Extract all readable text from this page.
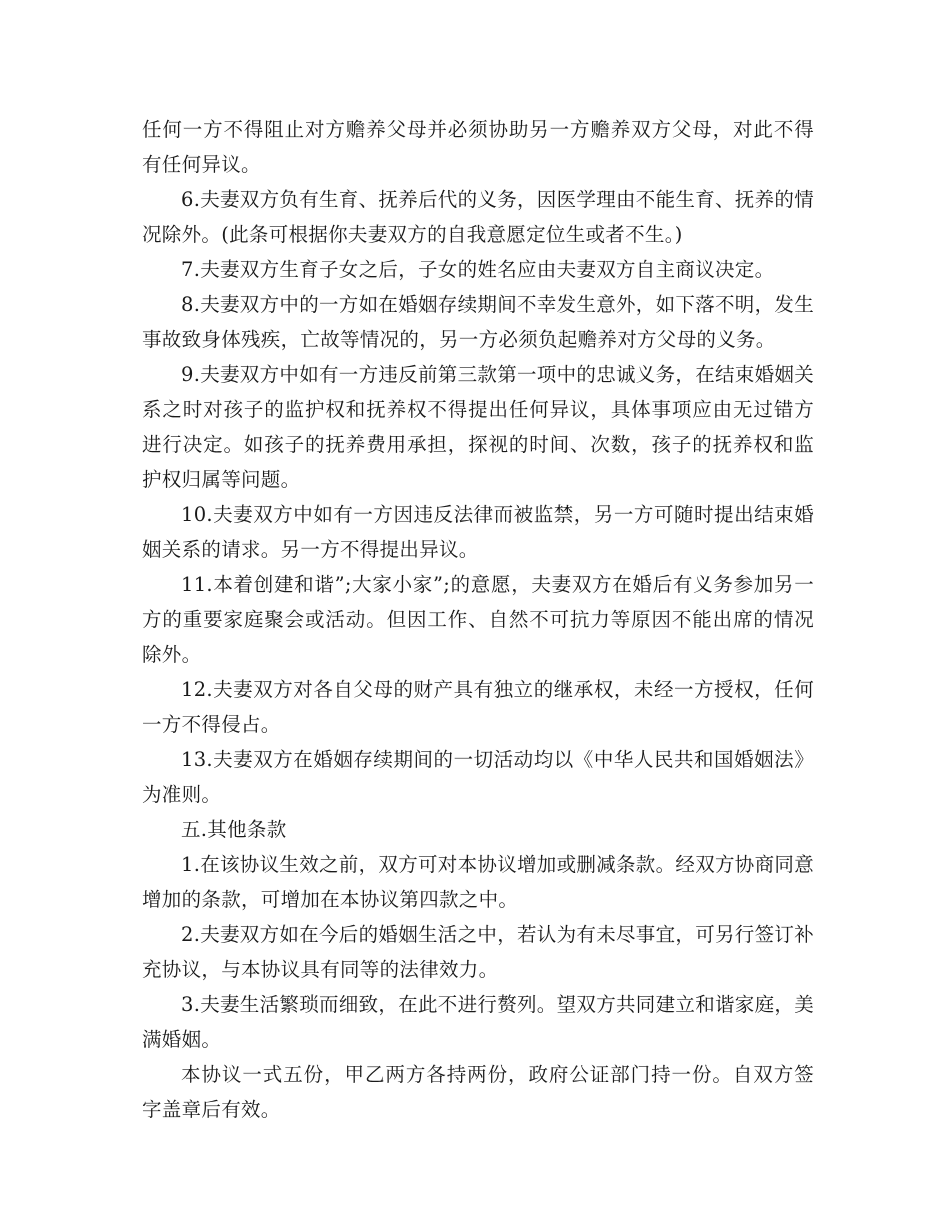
任何一方不得阻止对方赡养父母并必须协助另一方赡养双方父母，对此不得有任何异议。

6.夫妻双方负有生育、抚养后代的义务，因医学理由不能生育、抚养的情况除外。(此条可根据你夫妻双方的自我意愿定位生或者不生。)

7.夫妻双方生育子女之后，子女的姓名应由夫妻双方自主商议决定。

8.夫妻双方中的一方如在婚姻存续期间不幸发生意外，如下落不明，发生事故致身体残疾，亡故等情况的，另一方必须负起赡养对方父母的义务。

9.夫妻双方中如有一方违反前第三款第一项中的忠诚义务，在结束婚姻关系之时对孩子的监护权和抚养权不得提出任何异议，具体事项应由无过错方进行决定。如孩子的抚养费用承担，探视的时间、次数，孩子的抚养权和监护权归属等问题。

10.夫妻双方中如有一方因违反法律而被监禁，另一方可随时提出结束婚姻关系的请求。另一方不得提出异议。

11.本着创建和谐”;大家小家”;的意愿，夫妻双方在婚后有义务参加另一方的重要家庭聚会或活动。但因工作、自然不可抗力等原因不能出席的情况除外。

12.夫妻双方对各自父母的财产具有独立的继承权，未经一方授权，任何一方不得侵占。

13.夫妻双方在婚姻存续期间的一切活动均以《中华人民共和国婚姻法》为准则。

五.其他条款

1.在该协议生效之前，双方可对本协议增加或删减条款。经双方协商同意增加的条款，可增加在本协议第四款之中。

2.夫妻双方如在今后的婚姻生活之中，若认为有未尽事宜，可另行签订补充协议，与本协议具有同等的法律效力。

3.夫妻生活繁琐而细致，在此不进行赘列。望双方共同建立和谐家庭，美满婚姻。

本协议一式五份，甲乙两方各持两份，政府公证部门持一份。自双方签字盖章后有效。
